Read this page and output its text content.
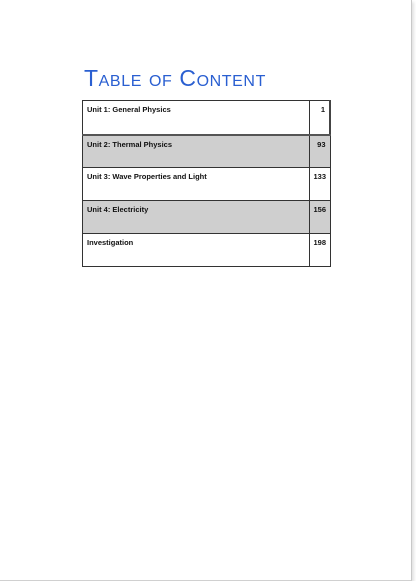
Table of Content
Unit 1: General Physics	1
Unit 2: Thermal Physics	93
Unit 3: Wave Properties and Light	133
Unit 4: Electricity	156
Investigation	198
